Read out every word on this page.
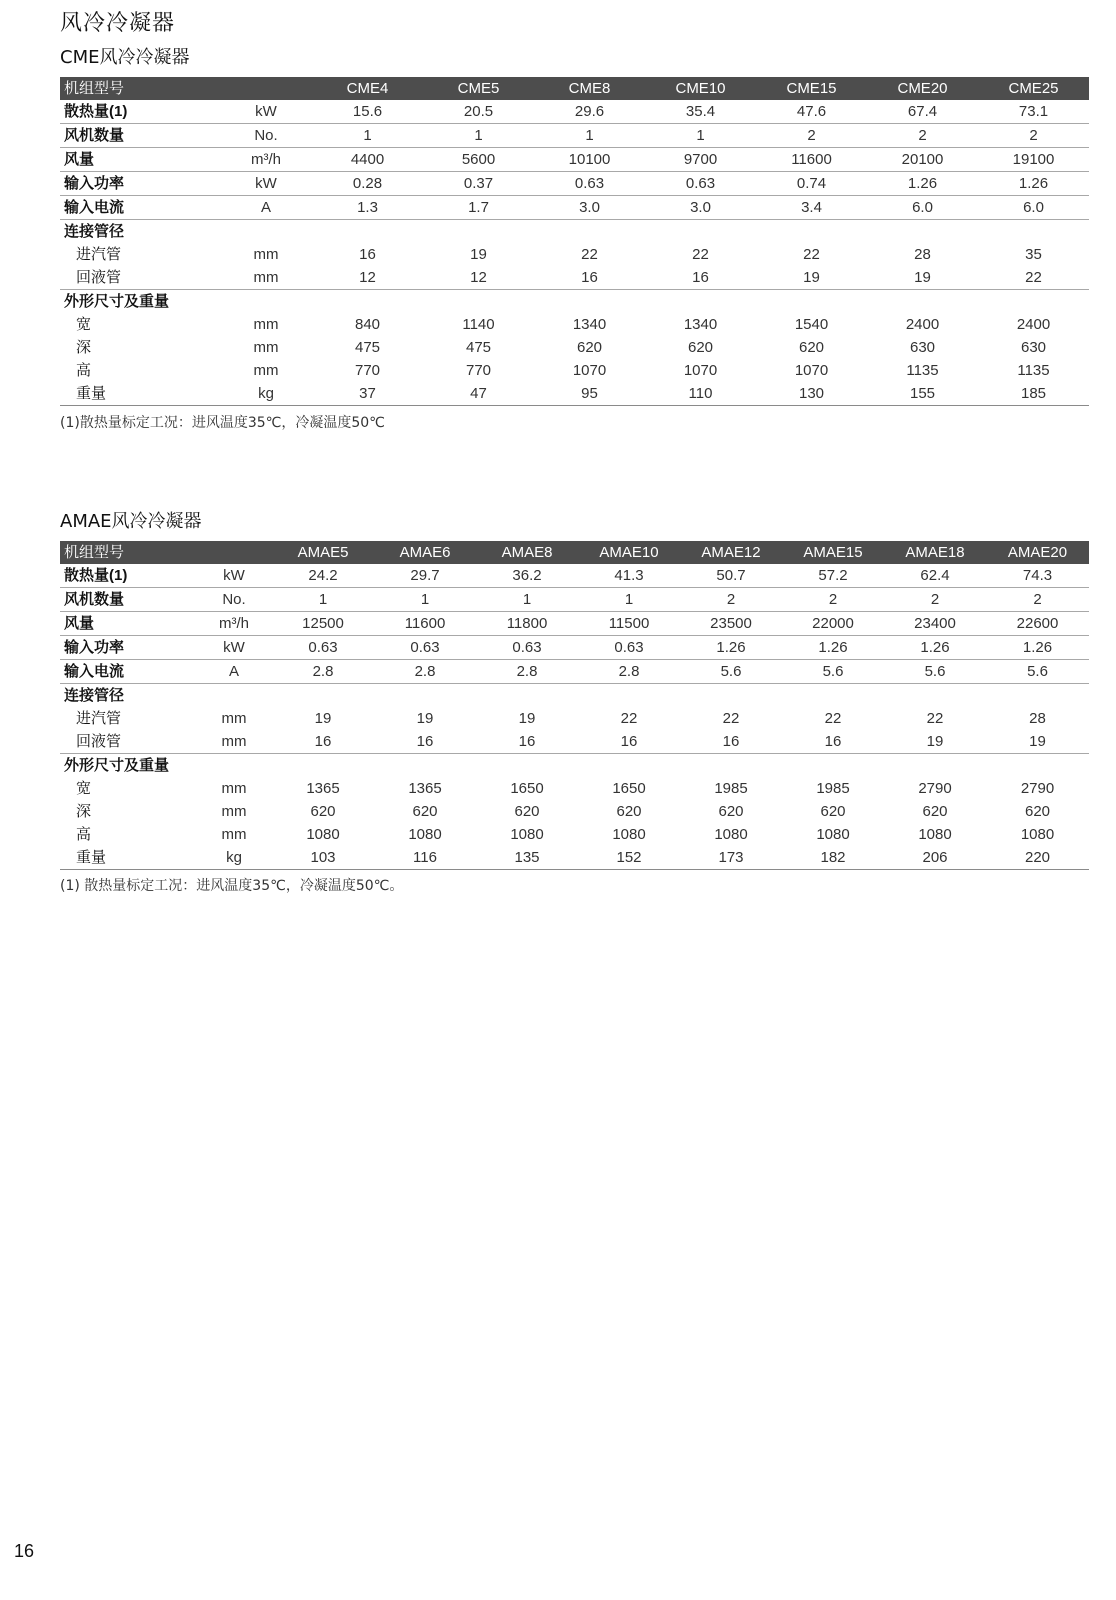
风冷冷凝器
CME风冷冷凝器
机组型号		CME4	CME5	CME8	CME10	CME15	CME20	CME25
散热量(1)	kW	15.6	20.5	29.6	35.4	47.6	67.4	73.1
风机数量	No.	1	1	1	1	2	2	2
风量	m³/h	4400	5600	10100	9700	11600	20100	19100
输入功率	kW	0.28	0.37	0.63	0.63	0.74	1.26	1.26
输入电流	A	1.3	1.7	3.0	3.0	3.4	6.0	6.0
连接管径								
进汽管	mm	16	19	22	22	22	28	35
回液管	mm	12	12	16	16	19	19	22
外形尺寸及重量								
宽	mm	840	1140	1340	1340	1540	2400	2400
深	mm	475	475	620	620	620	630	630
高	mm	770	770	1070	1070	1070	1135	1135
重量	kg	37	47	95	110	130	155	185
(1)散热量标定工况：进风温度35℃，冷凝温度50℃
AMAE风冷冷凝器
机组型号		AMAE5	AMAE6	AMAE8	AMAE10	AMAE12	AMAE15	AMAE18	AMAE20
散热量(1)	kW	24.2	29.7	36.2	41.3	50.7	57.2	62.4	74.3
风机数量	No.	1	1	1	1	2	2	2	2
风量	m³/h	12500	11600	11800	11500	23500	22000	23400	22600
输入功率	kW	0.63	0.63	0.63	0.63	1.26	1.26	1.26	1.26
输入电流	A	2.8	2.8	2.8	2.8	5.6	5.6	5.6	5.6
连接管径									
进汽管	mm	19	19	19	22	22	22	22	28
回液管	mm	16	16	16	16	16	16	19	19
外形尺寸及重量									
宽	mm	1365	1365	1650	1650	1985	1985	2790	2790
深	mm	620	620	620	620	620	620	620	620
高	mm	1080	1080	1080	1080	1080	1080	1080	1080
重量	kg	103	116	135	152	173	182	206	220
(1) 散热量标定工况：进风温度35℃，冷凝温度50℃。
16
